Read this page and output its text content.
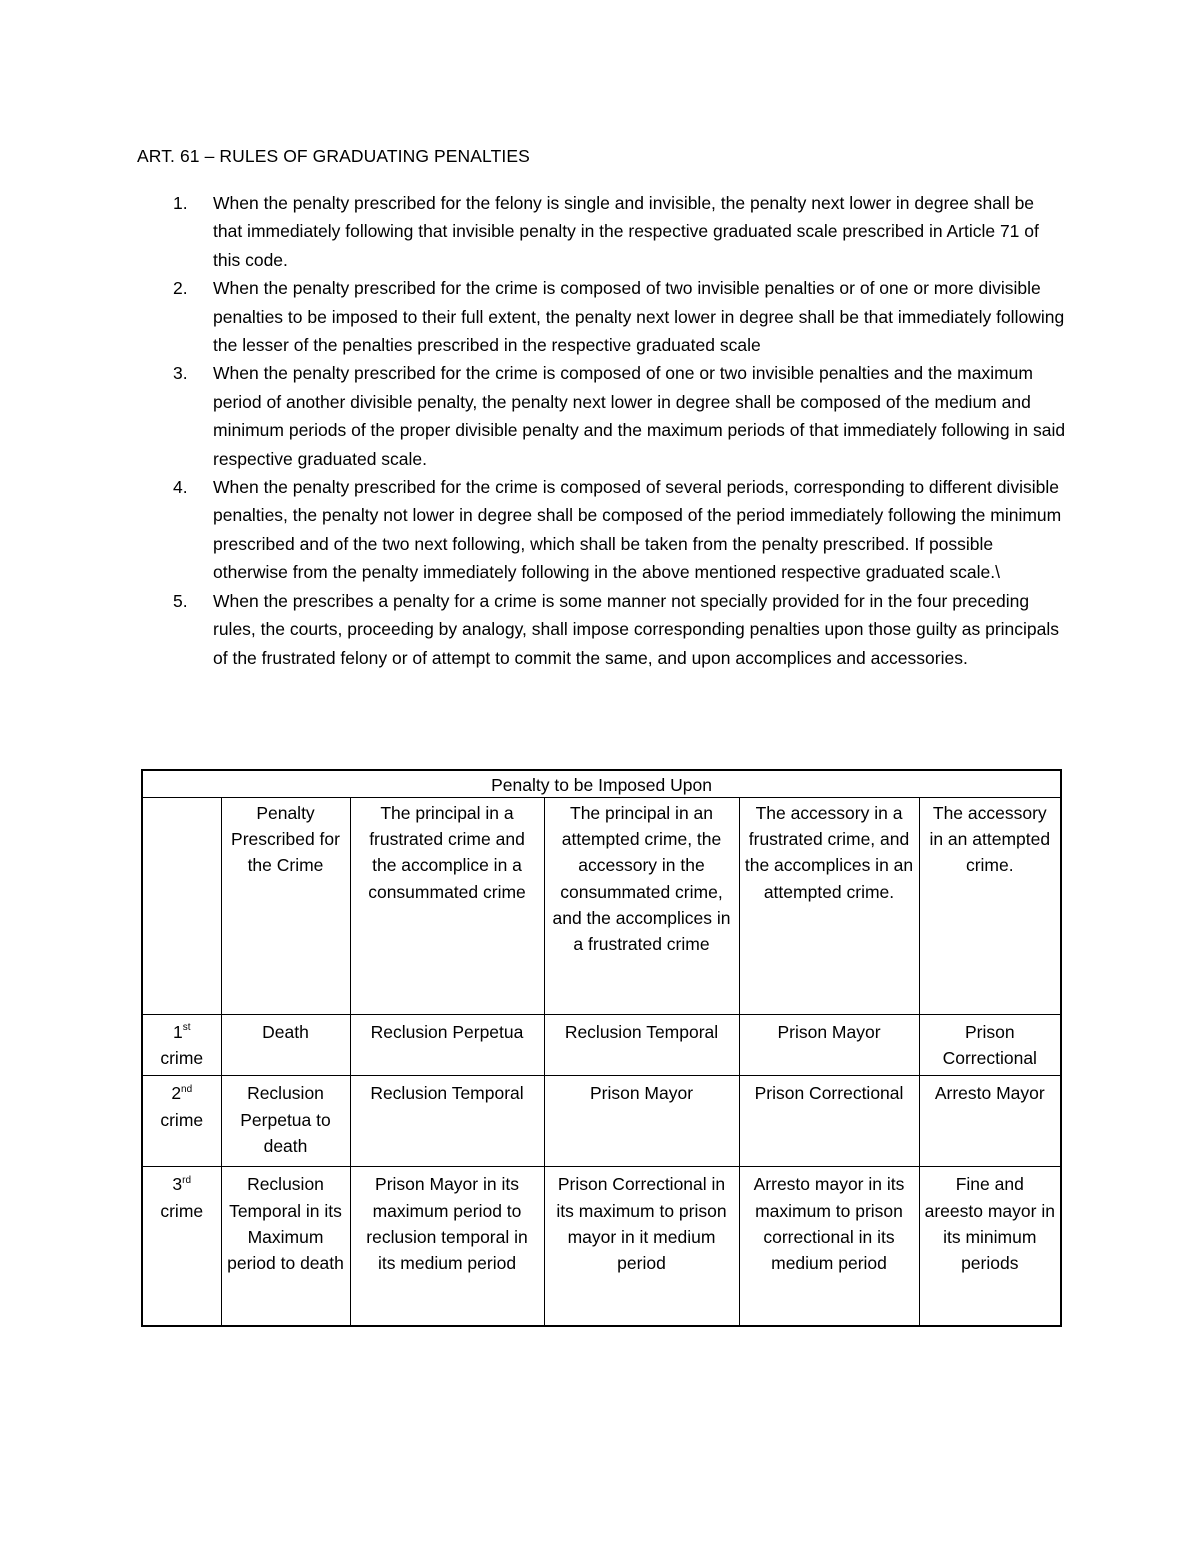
ART. 61 – RULES OF GRADUATING PENALTIES
1. When the penalty prescribed for the felony is single and invisible, the penalty next lower in degree shall be that immediately following that invisible penalty in the respective graduated scale prescribed in Article 71 of this code.
2. When the penalty prescribed for the crime is composed of two invisible penalties or of one or more divisible penalties to be imposed to their full extent, the penalty next lower in degree shall be that immediately following the lesser of the penalties prescribed in the respective graduated scale
3. When the penalty prescribed for the crime is composed of one or two invisible penalties and the maximum period of another divisible penalty, the penalty next lower in degree shall be composed of the medium and minimum periods of the proper divisible penalty and the maximum periods of that immediately following in said respective graduated scale.
4. When the penalty prescribed for the crime is composed of several periods, corresponding to different divisible penalties, the penalty not lower in degree shall be composed of the period immediately following the minimum prescribed and of the two next following, which shall be taken from the penalty prescribed. If possible otherwise from the penalty immediately following in the above mentioned respective graduated scale.\
5. When the prescribes a penalty for a crime is some manner not specially provided for in the four preceding rules, the courts, proceeding by analogy, shall impose corresponding penalties upon those guilty as principals of the frustrated felony or of attempt to commit the same, and upon accomplices and accessories.
Penalty to be Imposed Upon					
	Penalty Prescribed for the Crime	The principal in a frustrated crime and the accomplice in a consummated crime	The principal in an attempted crime, the accessory in the consummated crime, and the accomplices in a frustrated crime	The accessory in a frustrated crime, and the accomplices in an attempted crime.	The accessory in an attempted crime.
1st
crime	Death	Reclusion Perpetua	Reclusion Temporal	Prison Mayor	Prison Correctional
2nd
crime	Reclusion Perpetua to death	Reclusion Temporal	Prison Mayor	Prison Correctional	Arresto Mayor
3rd
crime	Reclusion Temporal in its Maximum period to death	Prison Mayor in its maximum period to reclusion temporal in its medium period	Prison Correctional in its maximum to prison mayor in it medium period	Arresto mayor in its maximum to prison correctional in its medium period	Fine and areesto mayor in its minimum periods
